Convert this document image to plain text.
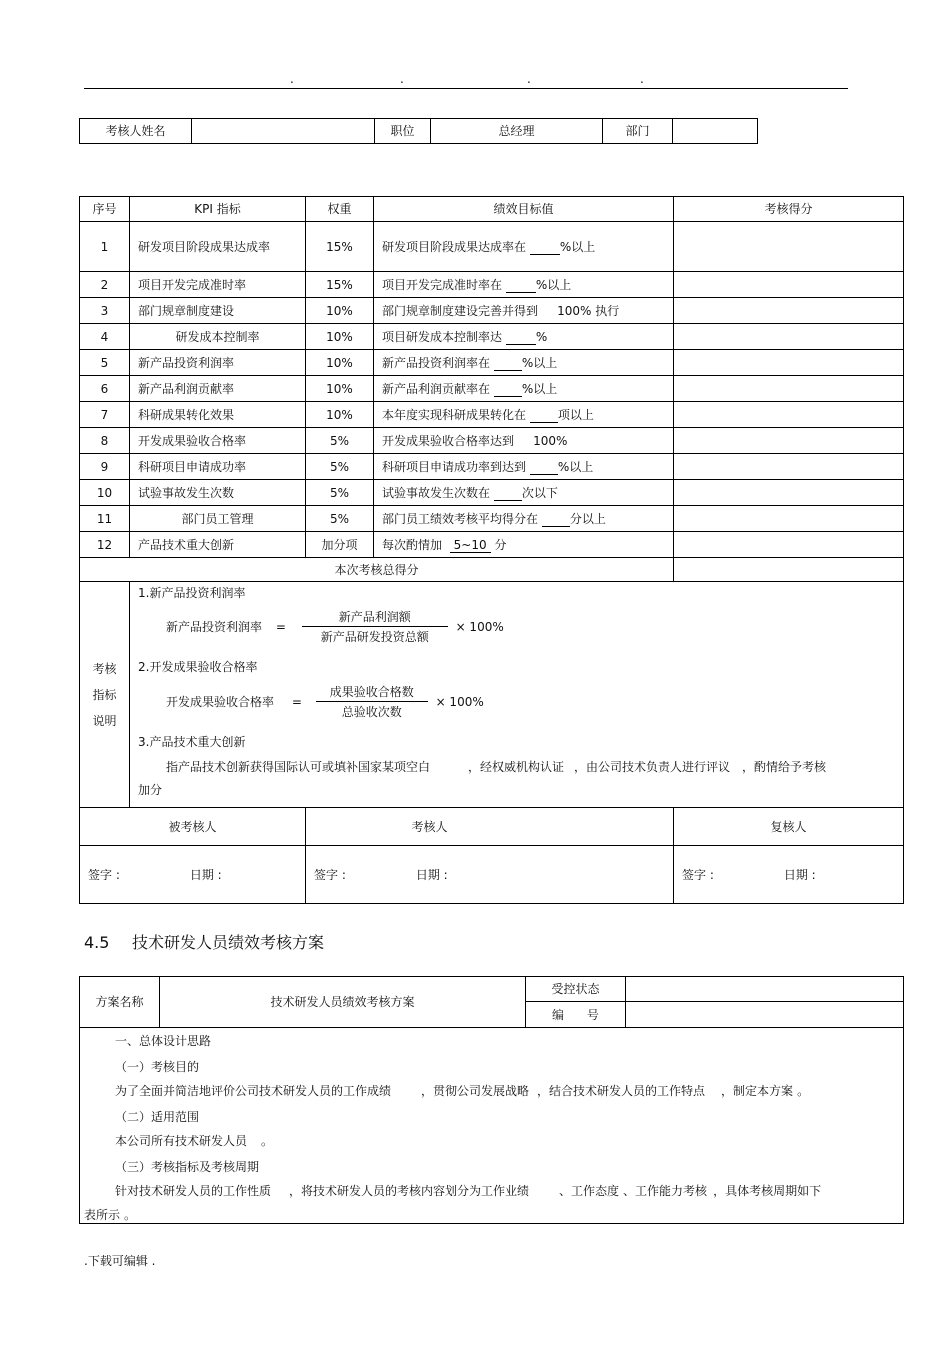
.	.	.	.
考核人姓名		职位	总经理	部门	
序号	KPI 指标	权重	绩效目标值	考核得分
1	研发项目阶段成果达成率	15%	研发项目阶段成果达成率在 %以上	
2	项目开发完成准时率	15%	项目开发完成准时率在 %以上	
3	部门规章制度建设	10%	部门规章制度建设完善并得到 100% 执行	
4	研发成本控制率	10%	项目研发成本控制率达 %	
5	新产品投资利润率	10%	新产品投资利润率在 %以上	
6	新产品利润贡献率	10%	新产品利润贡献率在 %以上	
7	科研成果转化效果	10%	本年度实现科研成果转化在 项以上	
8	开发成果验收合格率	5%	开发成果验收合格率达到 100%	
9	科研项目申请成功率	5%	科研项目申请成功率到达到 %以上	
10	试验事故发生次数	5%	试验事故发生次数在 次以下	
11	部门员工管理	5%	部门员工绩效考核平均得分在 分以上	
12	产品技术重大创新	加分项	每次酌情加 5~10 分	
本次考核总得分				

考核
指标
说明				

被考核人		考核人		复核人
签字 : 日期 :		签字 : 日期 :		签字 : 日期 :
1.新产品投资利润率
新产品投资利润率 = $\frac{\text{新产品利润额}}{\text{新产品研发投资总额}} \times 100\%$
2.开发成果验收合格率
开发成果验收合格率 = $\frac{\text{成果验收合格数}}{\text{总验收次数}} \times 100\%$
3.产品技术重大创新
指产品技术创新获得国际认可或填补国家某项空白	，经权威机构认证 ，由公司技术负责人进行评议 ，酌情给予考核
加分
4.5 技术研发人员绩效考核方案
方案名称	技术研发人员绩效考核方案	受控状态	
		编      号	

一、总体设计思路
（一）考核目的
为了全面并简洁地评价公司技术研发人员的工作成绩	，贯彻公司发展战略 ，结合技术研发人员的工作特点 ，制定本方案 。
（二）适用范围
本公司所有技术研发人员 。
（三）考核指标及考核周期
针对技术研发人员的工作性质 ，将技术研发人员的考核内容划分为工作业绩	、工作态度 、工作能力考核 ，具体考核周期如下
表所示 。
.下载可编辑 .
